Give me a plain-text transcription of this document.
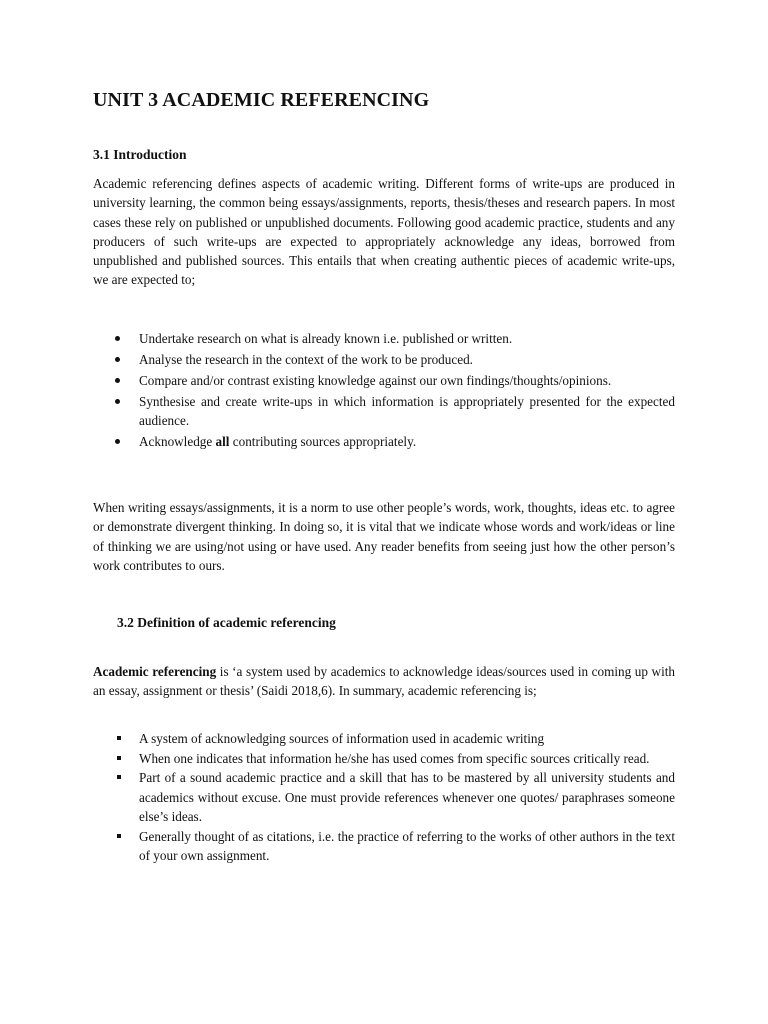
UNIT 3 ACADEMIC REFERENCING
3.1 Introduction

Academic referencing defines aspects of academic writing. Different forms of write-ups are produced in university learning, the common being essays/assignments, reports, thesis/theses and research papers. In most cases these rely on published or unpublished documents. Following good academic practice, students and any producers of such write-ups are expected to appropriately acknowledge any ideas, borrowed from unpublished and published sources. This entails that when creating authentic pieces of academic write-ups, we are expected to;

Undertake research on what is already known i.e. published or written.
Analyse the research in the context of the work to be produced.
Compare and/or contrast existing knowledge against our own findings/thoughts/opinions.
Synthesise and create write-ups in which information is appropriately presented for the expected audience.
Acknowledge all contributing sources appropriately.

When writing essays/assignments, it is a norm to use other people’s words, work, thoughts, ideas etc. to agree or demonstrate divergent thinking. In doing so, it is vital that we indicate whose words and work/ideas or line of thinking we are using/not using or have used. Any reader benefits from seeing just how the other person’s work contributes to ours.

3.2 Definition of academic referencing

Academic referencing is ‘a system used by academics to acknowledge ideas/sources used in coming up with an essay, assignment or thesis’ (Saidi 2018,6). In summary, academic referencing is;

A system of acknowledging sources of information used in academic writing
When one indicates that information he/she has used comes from specific sources critically read.
Part of a sound academic practice and a skill that has to be mastered by all university students and academics without excuse. One must provide references whenever one quotes/ paraphrases someone else’s ideas.
Generally thought of as citations, i.e. the practice of referring to the works of other authors in the text of your own assignment.
